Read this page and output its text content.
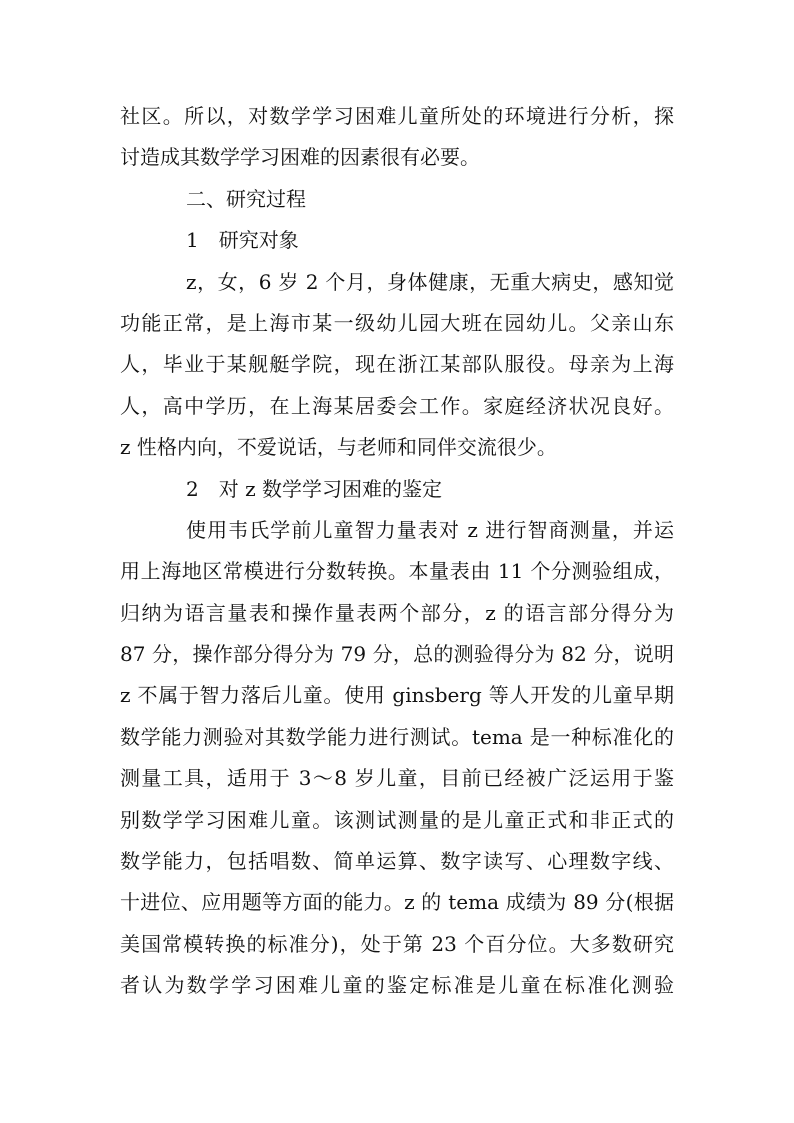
社区。所以，对数学学习困难儿童所处的环境进行分析，探
讨造成其数学学习困难的因素很有必要。
二、研究过程
1　研究对象
z，女，6 岁 2 个月，身体健康，无重大病史，感知觉
功能正常，是上海市某一级幼儿园大班在园幼儿。父亲山东
人，毕业于某舰艇学院，现在浙江某部队服役。母亲为上海
人，高中学历，在上海某居委会工作。家庭经济状况良好。
z 性格内向，不爱说话，与老师和同伴交流很少。
2　对 z 数学学习困难的鉴定
使用韦氏学前儿童智力量表对 z 进行智商测量，并运
用上海地区常模进行分数转换。本量表由 11 个分测验组成，
归纳为语言量表和操作量表两个部分，z 的语言部分得分为
87 分，操作部分得分为 79 分，总的测验得分为 82 分，说明
z 不属于智力落后儿童。使用 ginsberg 等人开发的儿童早期
数学能力测验对其数学能力进行测试。tema 是一种标准化的
测量工具，适用于 3～8 岁儿童，目前已经被广泛运用于鉴
别数学学习困难儿童。该测试测量的是儿童正式和非正式的
数学能力，包括唱数、简单运算、数字读写、心理数字线、
十进位、应用题等方面的能力。z 的 tema 成绩为 89 分(根据
美国常模转换的标准分)，处于第 23 个百分位。大多数研究
者认为数学学习困难儿童的鉴定标准是儿童在标准化测验
